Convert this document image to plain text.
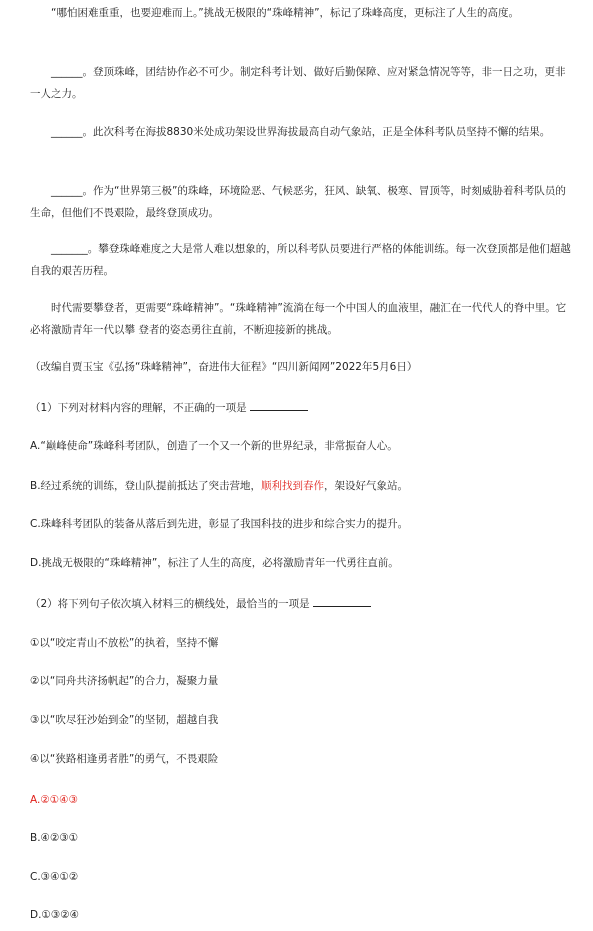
“哪怕困难重重，也要迎难而上。”挑战无极限的“珠峰精神”，标记了珠峰高度，更标注了人生的高度。

______。登顶珠峰，团结协作必不可少。制定科考计划、做好后勤保障、应对紧急情况等等，非一日之功，更非一人之力。

______。此次科考在海拔8830米处成功架设世界海拔最高自动气象站，正是全体科考队员坚持不懈的结果。

______。作为“世界第三极”的珠峰，环境险恶、气候恶劣，狂风、缺氧、极寒、冒顶等，时刻威胁着科考队员的生命，但他们不畏艰险，最终登顶成功。

_______。攀登珠峰难度之大是常人难以想象的，所以科考队员要进行严格的体能训练。每一次登顶都是他们超越自我的艰苦历程。

时代需要攀登者，更需要“珠峰精神”。“珠峰精神”流淌在每一个中国人的血液里，融汇在一代代人的脊中里。它必将激励青年一代以攀 登者的姿态勇往直前，不断迎接新的挑战。

（改编自贾玉宝《弘扬“珠峰精神”，奋进伟大征程》“四川新闻网”2022年5月6日）

（1）下列对材料内容的理解，不正确的一项是

A.“巅峰使命”珠峰科考团队，创造了一个又一个新的世界纪录，非常振奋人心。

B.经过系统的训练，登山队提前抵达了突击营地，顺利找到春作，架设好气象站。

C.珠峰科考团队的装备从落后到先进，彰显了我国科技的进步和综合实力的提升。

D.挑战无极限的“珠峰精神”，标注了人生的高度，必将激励青年一代勇往直前。

（2）将下列句子依次填入材料三的横线处，最恰当的一项是

①以“咬定青山不放松”的执着，坚持不懈

②以“同舟共济扬帆起”的合力，凝聚力量

③以“吹尽狂沙始到金”的坚韧，超越自我

④以“狭路相逢勇者胜”的勇气，不畏艰险

A.②①④③

B.④②③①

C.③④①②

D.①③②④
